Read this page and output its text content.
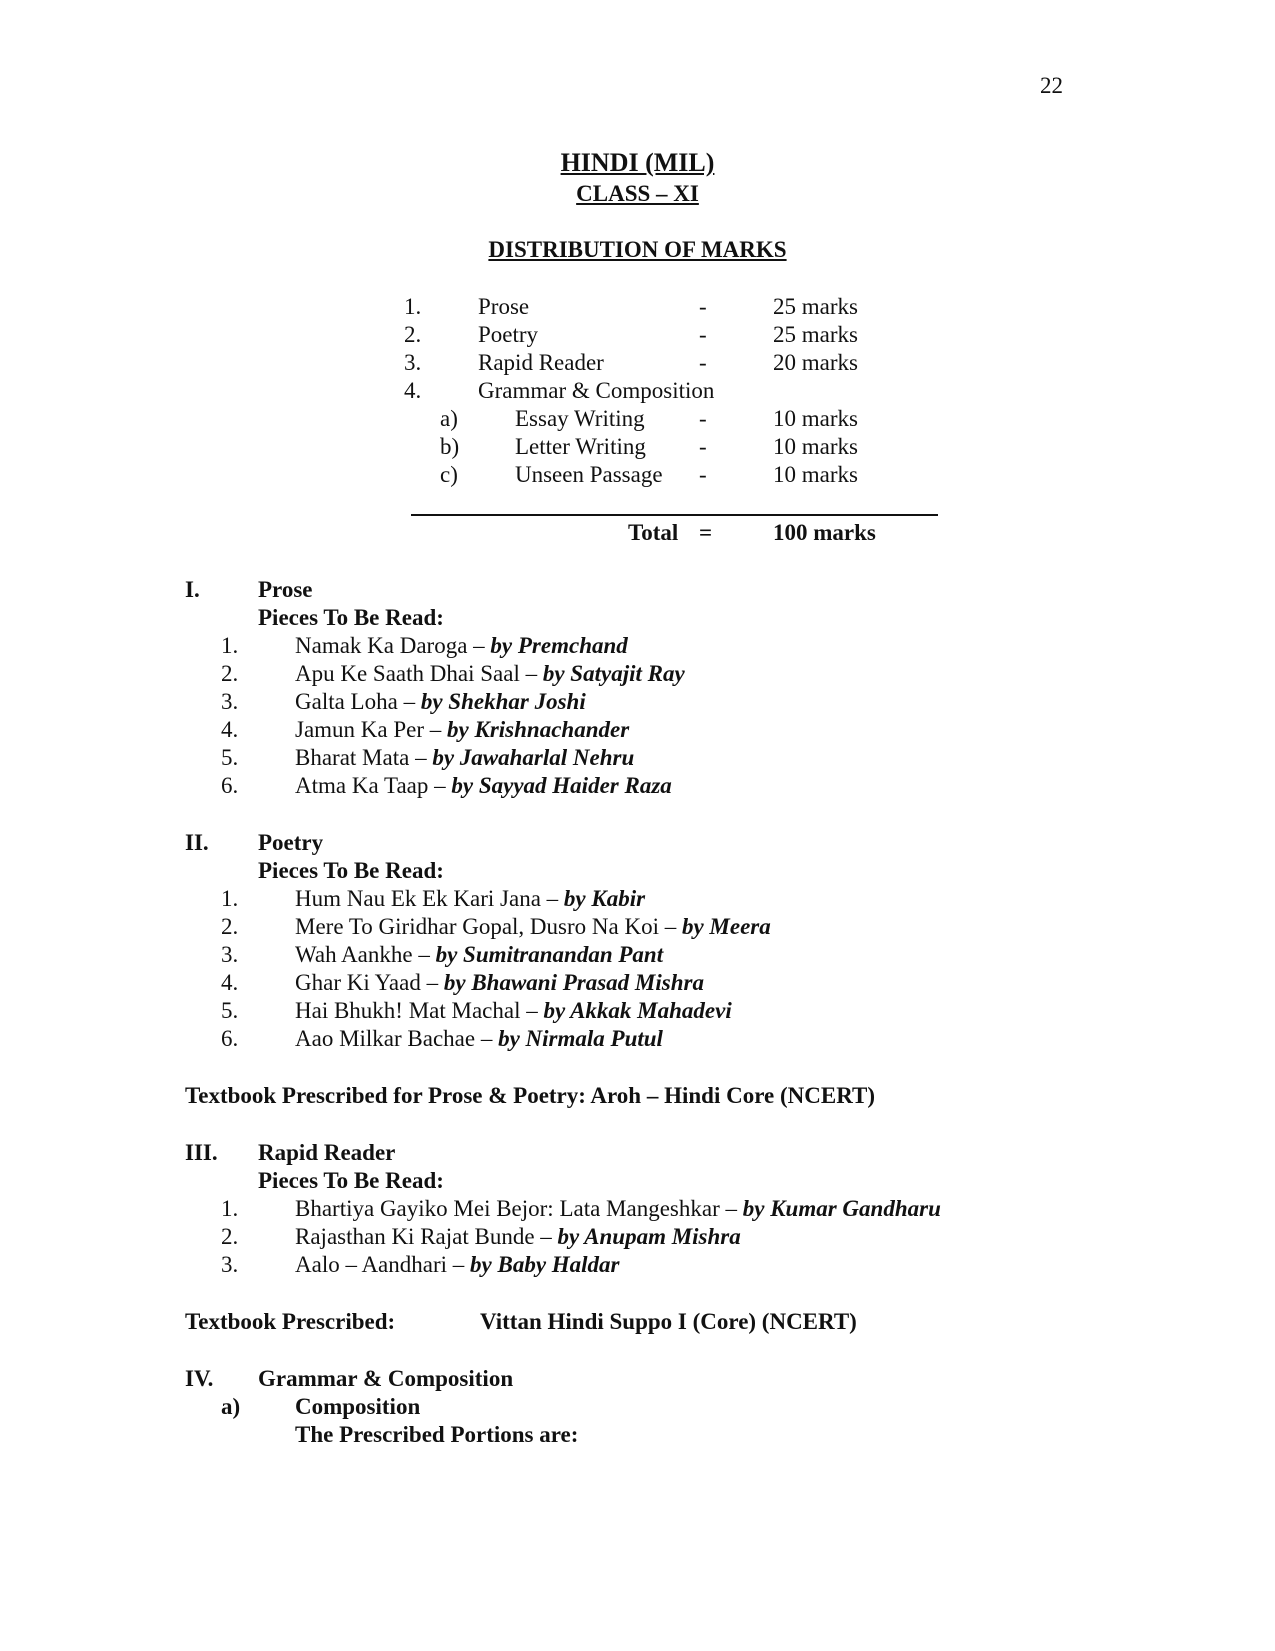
22
HINDI (MIL)
CLASS – XI
DISTRIBUTION OF MARKS
1. Prose	-	25 marks
2. Poetry	-	25 marks
3. Rapid Reader	-	20 marks
4. Grammar & Composition
a) Essay Writing -	10 marks
b) Letter Writing -	10 marks
c) Unseen Passage -	10 marks
Total =	100 marks
I.	Prose
Pieces To Be Read:
1. Namak Ka Daroga – by Premchand
2. Apu Ke Saath Dhai Saal – by Satyajit Ray
3. Galta Loha – by Shekhar Joshi
4. Jamun Ka Per – by Krishnachander
5. Bharat Mata – by Jawaharlal Nehru
6. Atma Ka Taap – by Sayyad Haider Raza
II. Poetry
Pieces To Be Read:
1. Hum Nau Ek Ek Kari Jana – by Kabir
2. Mere To Giridhar Gopal, Dusro Na Koi – by Meera
3. Wah Aankhe – by Sumitranandan Pant
4. Ghar Ki Yaad – by Bhawani Prasad Mishra
5. Hai Bhukh! Mat Machal – by Akkak Mahadevi
6. Aao Milkar Bachae – by Nirmala Putul
Textbook Prescribed for Prose & Poetry: Aroh – Hindi Core (NCERT)
III. Rapid Reader
Pieces To Be Read:
1. Bhartiya Gayiko Mei Bejor: Lata Mangeshkar – by Kumar Gandharu
2. Rajasthan Ki Rajat Bunde – by Anupam Mishra
3. Aalo – Aandhari – by Baby Haldar
Textbook Prescribed:	Vittan Hindi Suppo I (Core) (NCERT)
IV. Grammar & Composition
a) Composition
The Prescribed Portions are:
